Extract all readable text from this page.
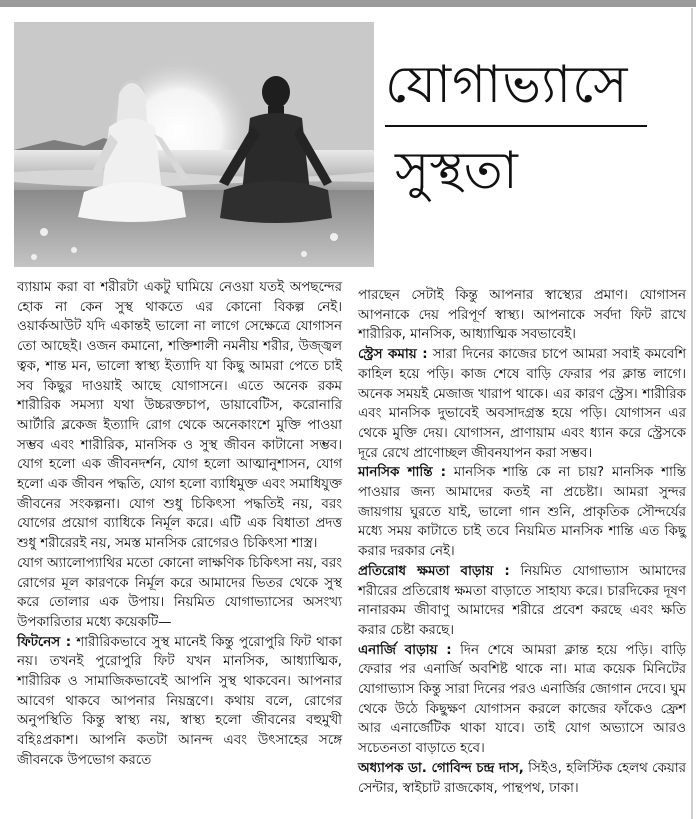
যোগাভ্যাসে
সুস্থতা

ব্যায়াম করা বা শরীরটা একটু ঘামিয়ে নেওয়া যতই অপছন্দের হোক না কেন সুস্থ থাকতে এর কোনো বিকল্প নেই। ওয়ার্কআউট যদি একান্তই ভালো না লাগে সেক্ষেত্রে যোগাসন তো আছেই। ওজন কমানো, শক্তিশালী নমনীয় শরীর, উজ্জ্বল ত্বক, শান্ত মন, ভালো স্বাস্থ্য ইত্যাদি যা কিছু আমরা পেতে চাই সব কিছুর দাওয়াই আছে যোগাসনে। এতে অনেক রকম শারীরিক সমস্যা যথা উচ্চরক্তচাপ, ডায়াবেটিস, করোনারি আর্টারি ব্লকেজ ইত্যাদি রোগ থেকে অনেকাংশে মুক্তি পাওয়া সম্ভব এবং শারীরিক, মানসিক ও সুস্থ জীবন কাটানো সম্ভব। যোগ হলো এক জীবনদর্শন, যোগ হলো আত্মানুশাসন, যোগ হলো এক জীবন পদ্ধতি, যোগ হলো ব্যাধিমুক্ত এবং সমাধিযুক্ত জীবনের সংকল্পনা। যোগ শুধু চিকিৎসা পদ্ধতিই নয়, বরং যোগের প্রয়োগ ব্যাধিকে নির্মূল করে। এটি এক বিধাতা প্রদত্ত শুধু শরীরেরই নয়, সমস্ত মানসিক রোগেরও চিকিৎসা শাস্ত্র।

যোগ অ্যালোপ্যাথির মতো কোনো লাক্ষণিক চিকিৎসা নয়, বরং রোগের মূল কারণকে নির্মূল করে আমাদের ভিতর থেকে সুস্থ করে তোলার এক উপায়। নিয়মিত যোগাভ্যাসের অসংখ্য উপকারিতার মধ্যে কয়েকটি—

ফিটনেস : শারীরিকভাবে সুস্থ মানেই কিন্তু পুরোপুরি ফিট থাকা নয়। তখনই পুরোপুরি ফিট যখন মানসিক, আধ্যাত্মিক, শারীরিক ও সামাজিকভাবেই আপনি সুস্থ থাকবেন। আপনার আবেগ থাকবে আপনার নিয়ন্ত্রণে। কথায় বলে, রোগের অনুপস্থিতি কিন্তু স্বাস্থ্য নয়, স্বাস্থ্য হলো জীবনের বহুমুখী বহিঃপ্রকাশ। আপনি কতটা আনন্দ এবং উৎসাহের সঙ্গে জীবনকে উপভোগ করতে

পারছেন সেটাই কিন্তু আপনার স্বাস্থ্যের প্রমাণ। যোগাসন আপনাকে দেয় পরিপূর্ণ স্বাস্থ্য। আপনাকে সর্বদা ফিট রাখে শারীরিক, মানসিক, আধ্যাত্মিক সবভাবেই।

স্ট্রেস কমায় : সারা দিনের কাজের চাপে আমরা সবাই কমবেশি কাহিল হয়ে পড়ি। কাজ শেষে বাড়ি ফেরার পর ক্লান্ত লাগে। অনেক সময়ই মেজাজ খারাপ থাকে। এর কারণ স্ট্রেস। শারীরিক এবং মানসিক দুভাবেই অবসাদগ্রস্ত হয়ে পড়ি। যোগাসন এর থেকে মুক্তি দেয়। যোগাসন, প্রাণায়াম এবং ধ্যান করে স্ট্রেসকে দূরে রেখে প্রাণোচ্ছল জীবনযাপন করা সম্ভব।

মানসিক শান্তি : মানসিক শান্তি কে না চায়? মানসিক শান্তি পাওয়ার জন্য আমাদের কতই না প্রচেষ্টা। আমরা সুন্দর জায়গায় ঘুরতে যাই, ভালো গান শুনি, প্রাকৃতিক সৌন্দর্যের মধ্যে সময় কাটাতে চাই তবে নিয়মিত মানসিক শান্তি এত কিছু করার দরকার নেই।

প্রতিরোধ ক্ষমতা বাড়ায় : নিয়মিত যোগাভ্যাস আমাদের শরীরের প্রতিরোধ ক্ষমতা বাড়াতে সাহায্য করে। চারদিকের দূষণ নানারকম জীবাণু আমাদের শরীরে প্রবেশ করছে এবং ক্ষতি করার চেষ্টা করছে।

এনার্জি বাড়ায় : দিন শেষে আমরা ক্লান্ত হয়ে পড়ি। বাড়ি ফেরার পর এনার্জি অবশিষ্ট থাকে না। মাত্র কয়েক মিনিটের যোগাভ্যাস কিন্তু সারা দিনের পরও এনার্জির জোগান দেবে। ঘুম থেকে উঠে কিছুক্ষণ যোগাসন করলে কাজের ফাঁকেও ফ্রেশ আর এনার্জেটিক থাকা যাবে। তাই যোগ অভ্যাসে আরও সচেতনতা বাড়াতে হবে।

অধ্যাপক ডা. গোবিন্দ চন্দ্র দাস, সিইও, হলিস্টিক হেলথ কেয়ার সেন্টার, স্বাইচাট রাজকোষ, পান্থপথ, ঢাকা।
